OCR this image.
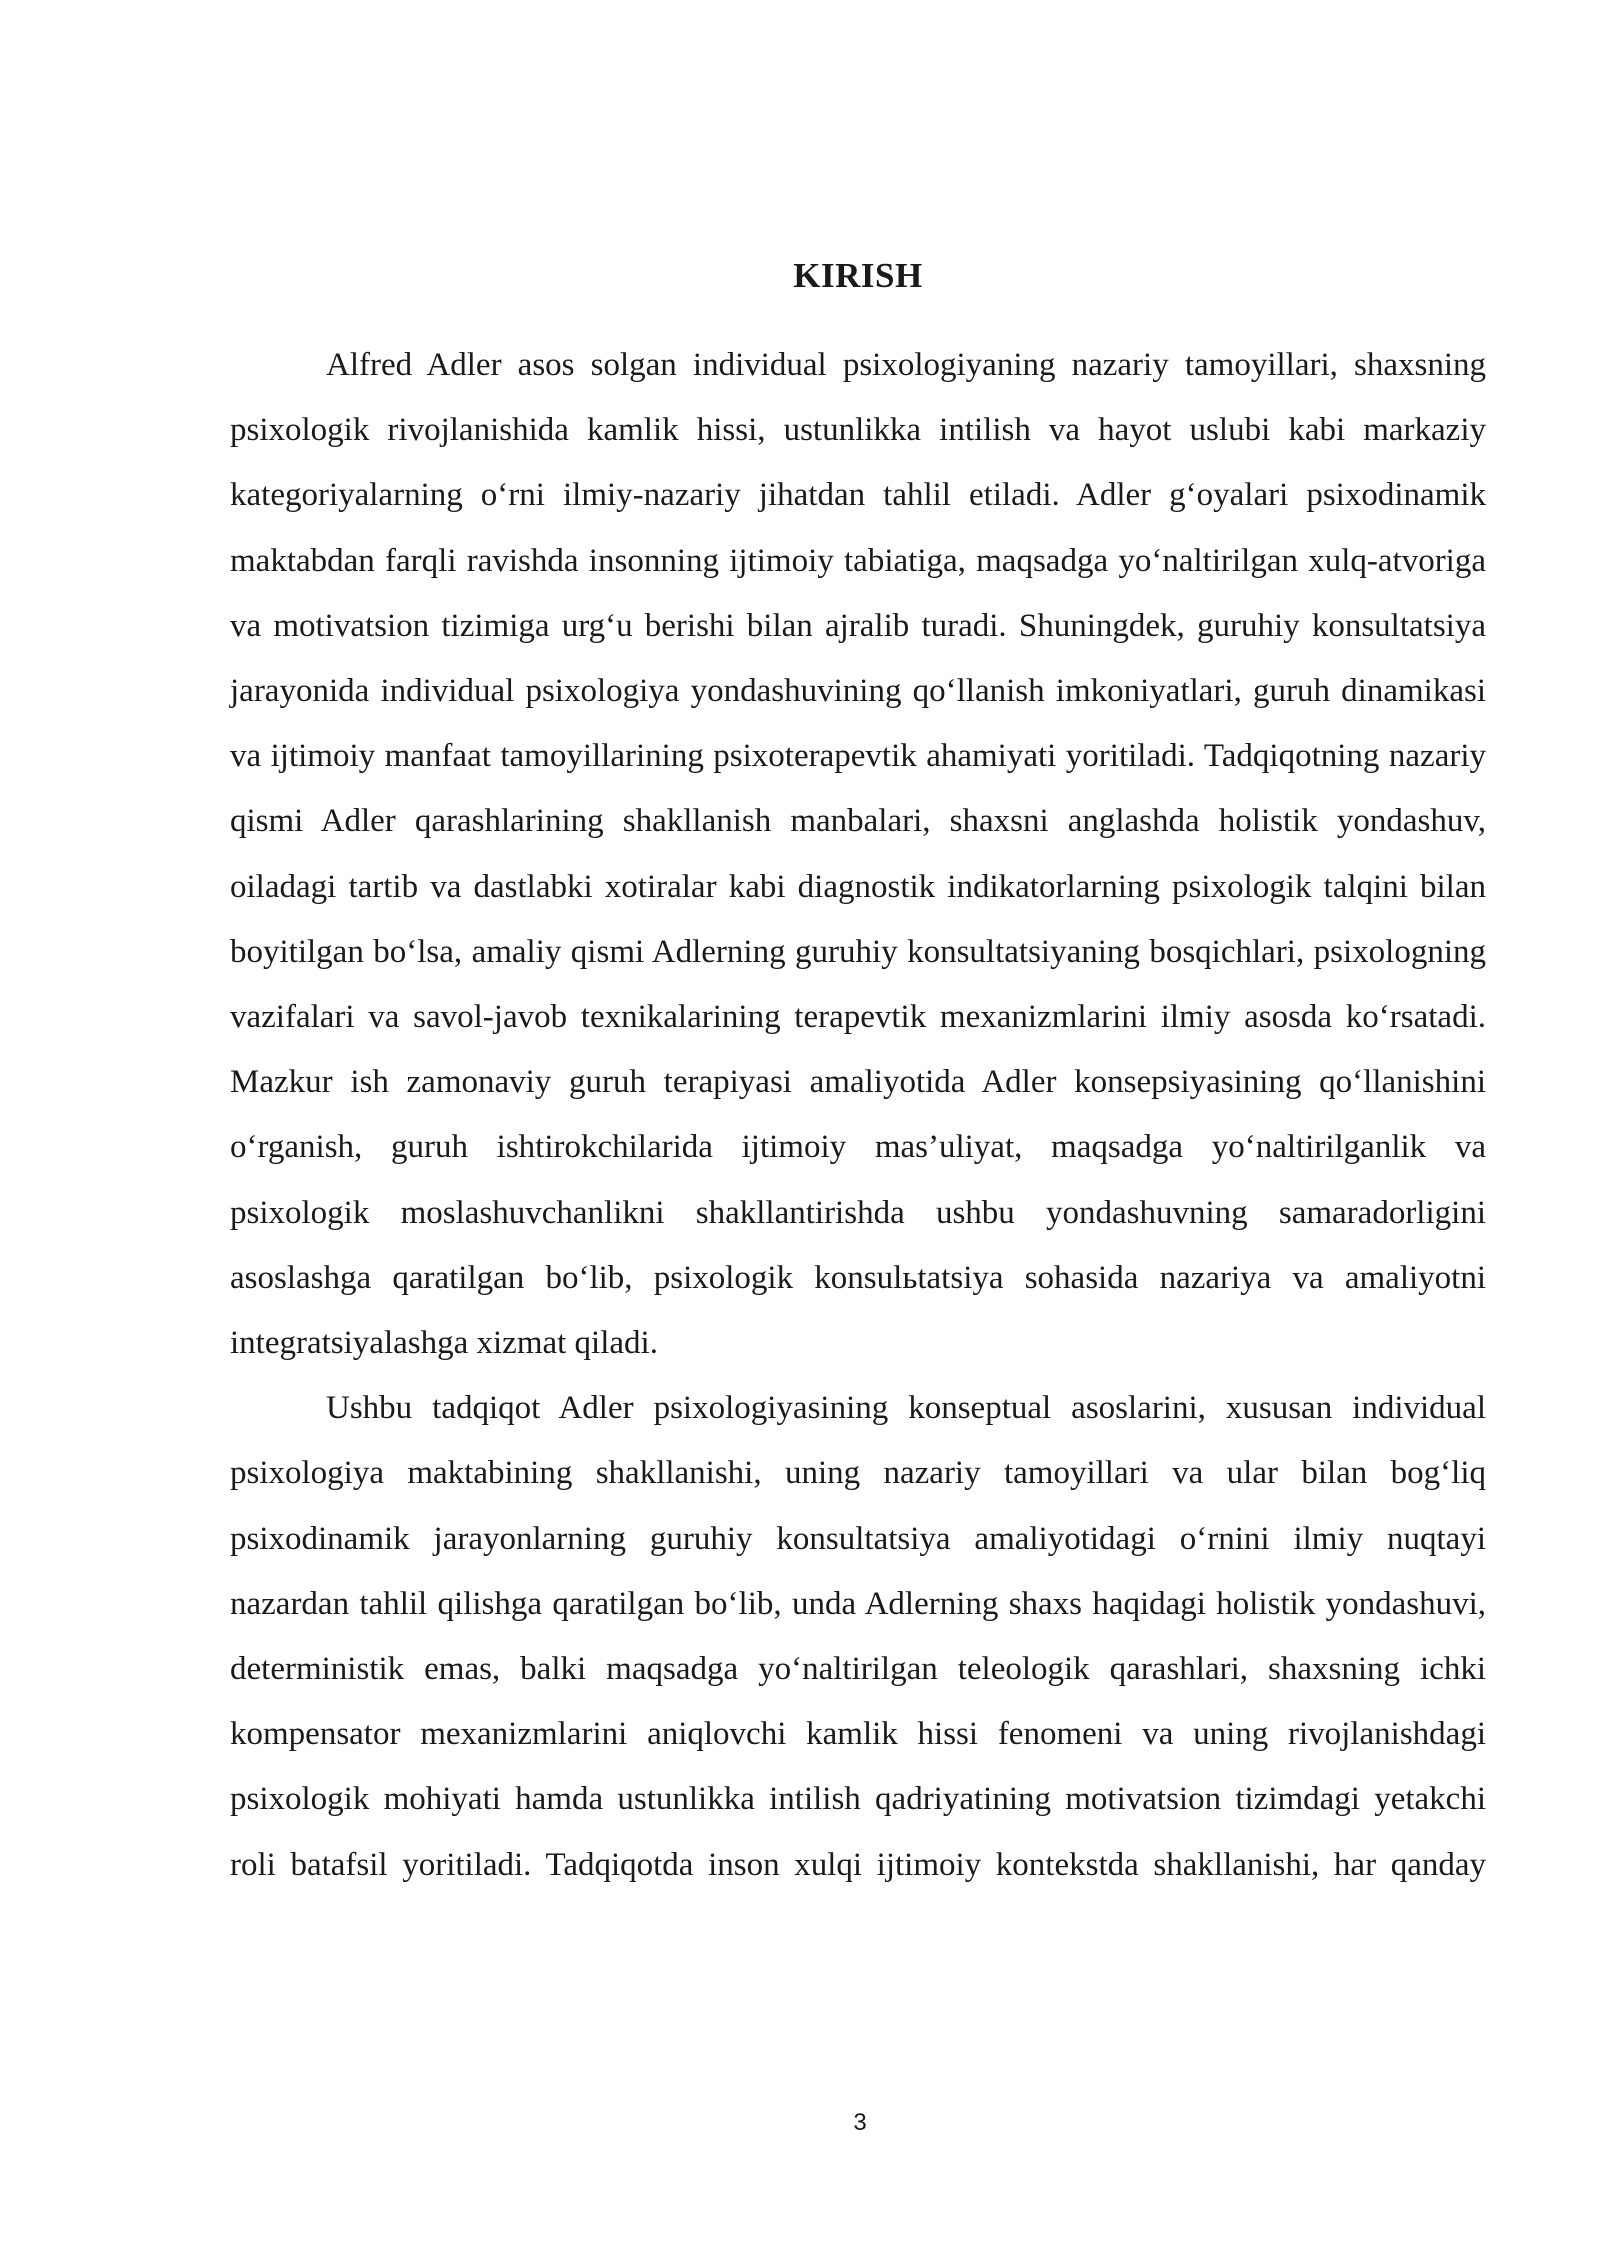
KIRISH

Alfred Adler asos solgan individual psixologiyaning nazariy tamoyillari, shaxsning psixologik rivojlanishida kamlik hissi, ustunlikka intilish va hayot uslubi kabi markaziy kategoriyalarning o‘rni ilmiy-nazariy jihatdan tahlil etiladi. Adler g‘oyalari psixodinamik maktabdan farqli ravishda insonning ijtimoiy tabiatiga, maqsadga yo‘naltirilgan xulq-atvoriga va motivatsion tizimiga urg‘u berishi bilan ajralib turadi. Shuningdek, guruhiy konsultatsiya jarayonida individual psixologiya yondashuvining qo‘llanish imkoniyatlari, guruh dinamikasi va ijtimoiy manfaat tamoyillarining psixoterapevtik ahamiyati yoritiladi. Tadqiqotning nazariy qismi Adler qarashlarining shakllanish manbalari, shaxsni anglashda holistik yondashuv, oiladagi tartib va dastlabki xotiralar kabi diagnostik indikatorlarning psixologik talqini bilan boyitilgan bo‘lsa, amaliy qismi Adlerning guruhiy konsultatsiyaning bosqichlari, psixologning vazifalari va savol-javob texnikalarining terapevtik mexanizmlarini ilmiy asosda ko‘rsatadi. Mazkur ish zamonaviy guruh terapiyasi amaliyotida Adler konsepsiyasining qo‘llanishini o‘rganish, guruh ishtirokchilarida ijtimoiy mas’uliyat, maqsadga yo‘naltirilganlik va psixologik moslashuvchanlikni shakllantirishda ushbu yondashuvning samaradorligini asoslashga qaratilgan bo‘lib, psixologik konsulьtatsiya sohasida nazariya va amaliyotni integratsiyalashga xizmat qiladi.

Ushbu tadqiqot Adler psixologiyasining konseptual asoslarini, xususan individual psixologiya maktabining shakllanishi, uning nazariy tamoyillari va ular bilan bog‘liq psixodinamik jarayonlarning guruhiy konsultatsiya amaliyotidagi o‘rnini ilmiy nuqtayi nazardan tahlil qilishga qaratilgan bo‘lib, unda Adlerning shaxs haqidagi holistik yondashuvi, deterministik emas, balki maqsadga yo‘naltirilgan teleologik qarashlari, shaxsning ichki kompensator mexanizmlarini aniqlovchi kamlik hissi fenomeni va uning rivojlanishdagi psixologik mohiyati hamda ustunlikka intilish qadriyatining motivatsion tizimdagi yetakchi roli batafsil yoritiladi. Tadqiqotda inson xulqi ijtimoiy kontekstda shakllanishi, har qanday

3
